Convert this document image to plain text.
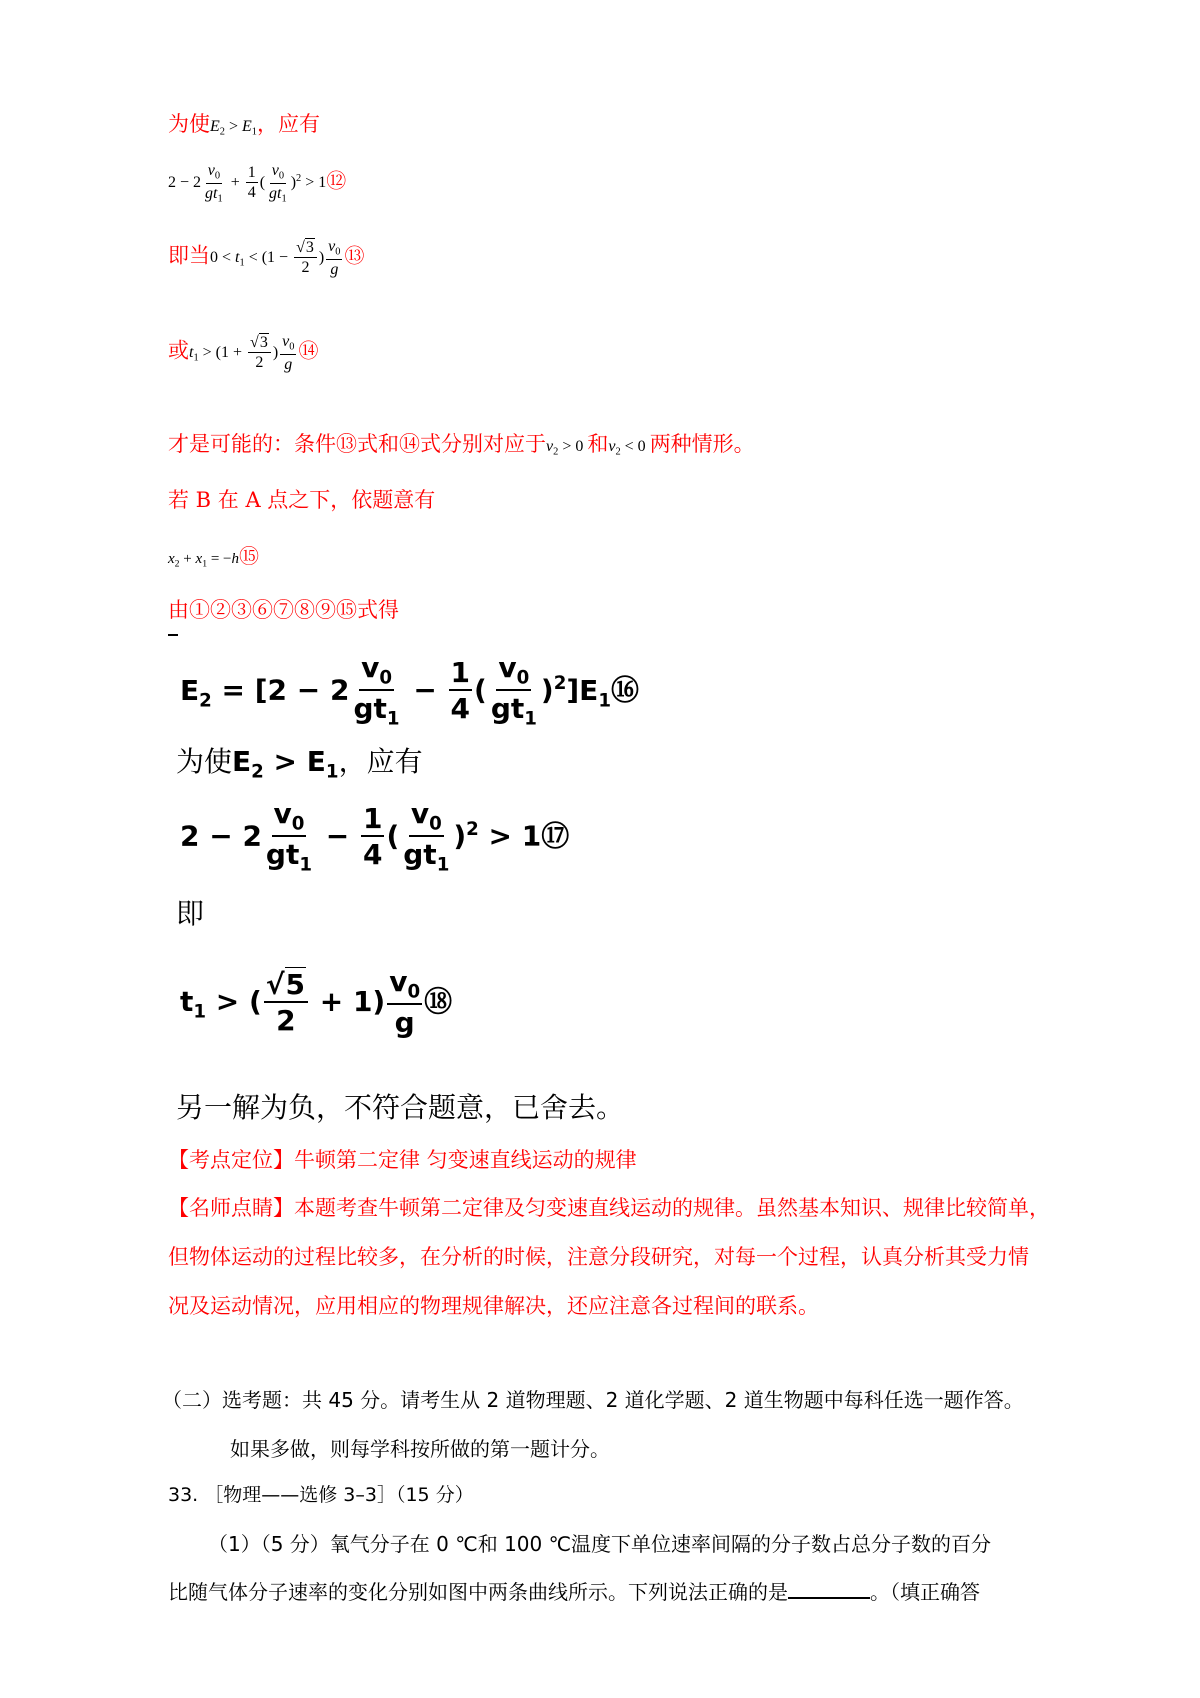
为使$E_2 > E_1$，应有
$2 - 2 \frac{v_0}{gt_1} + \frac{1}{4}$ ( $\frac{v_0}{gt_1} )^2$ > 1⑫
即当$0 < t_1 < (1 - \frac{√3}{2}$ ) $\frac{v_0}{g}$ ⑬
或$t_1 > (1 + \frac{√3}{2}$ ) $\frac{v_0}{g}$ ⑭
才是可能的：条件⑬式和⑭式分别对应于$v_2 > 0$ 和$v_2 < 0$ 两种情形。
若 B 在 A 点之下，依题意有
$x_2 + x_1$ = −h⑮
由①②③⑥⑦⑧⑨⑮式得
$E_2 = [2 - 2 \frac{v_0}{gt_1} - \frac{1}{4}$ ( $\frac{v_0}{gt_1}$ )$^2]E_1⑯$
为使$E_2 > E_1$，应有
$2 - 2 \frac{v_0}{gt_1} - \frac{1}{4}$ ( $\frac{v_0}{gt_1} )^2$ > 1⑰
即
$t_1$ > ( $\frac{√5}{2} + 1) \frac{v_0}{g}$ ⑱
另一解为负，不符合题意，已舍去。
【考点定位】牛顿第二定律 匀变速直线运动的规律
【名师点睛】本题考查牛顿第二定律及匀变速直线运动的规律。虽然基本知识、规律比较简单，
但物体运动的过程比较多，在分析的时候，注意分段研究，对每一个过程，认真分析其受力情
况及运动情况，应用相应的物理规律解决，还应注意各过程间的联系。
（二）选考题：共 45 分。请考生从 2 道物理题、2 道化学题、2 道生物题中每科任选一题作答。
如果多做，则每学科按所做的第一题计分。
33. ［物理——选修 3–3］（15 分）
（1）（5 分）氧气分子在 0 ℃和 100 ℃温度下单位速率间隔的分子数占总分子数的百分
比随气体分子速率的变化分别如图中两条曲线所示。下列说法正确的是	。（填正确答
